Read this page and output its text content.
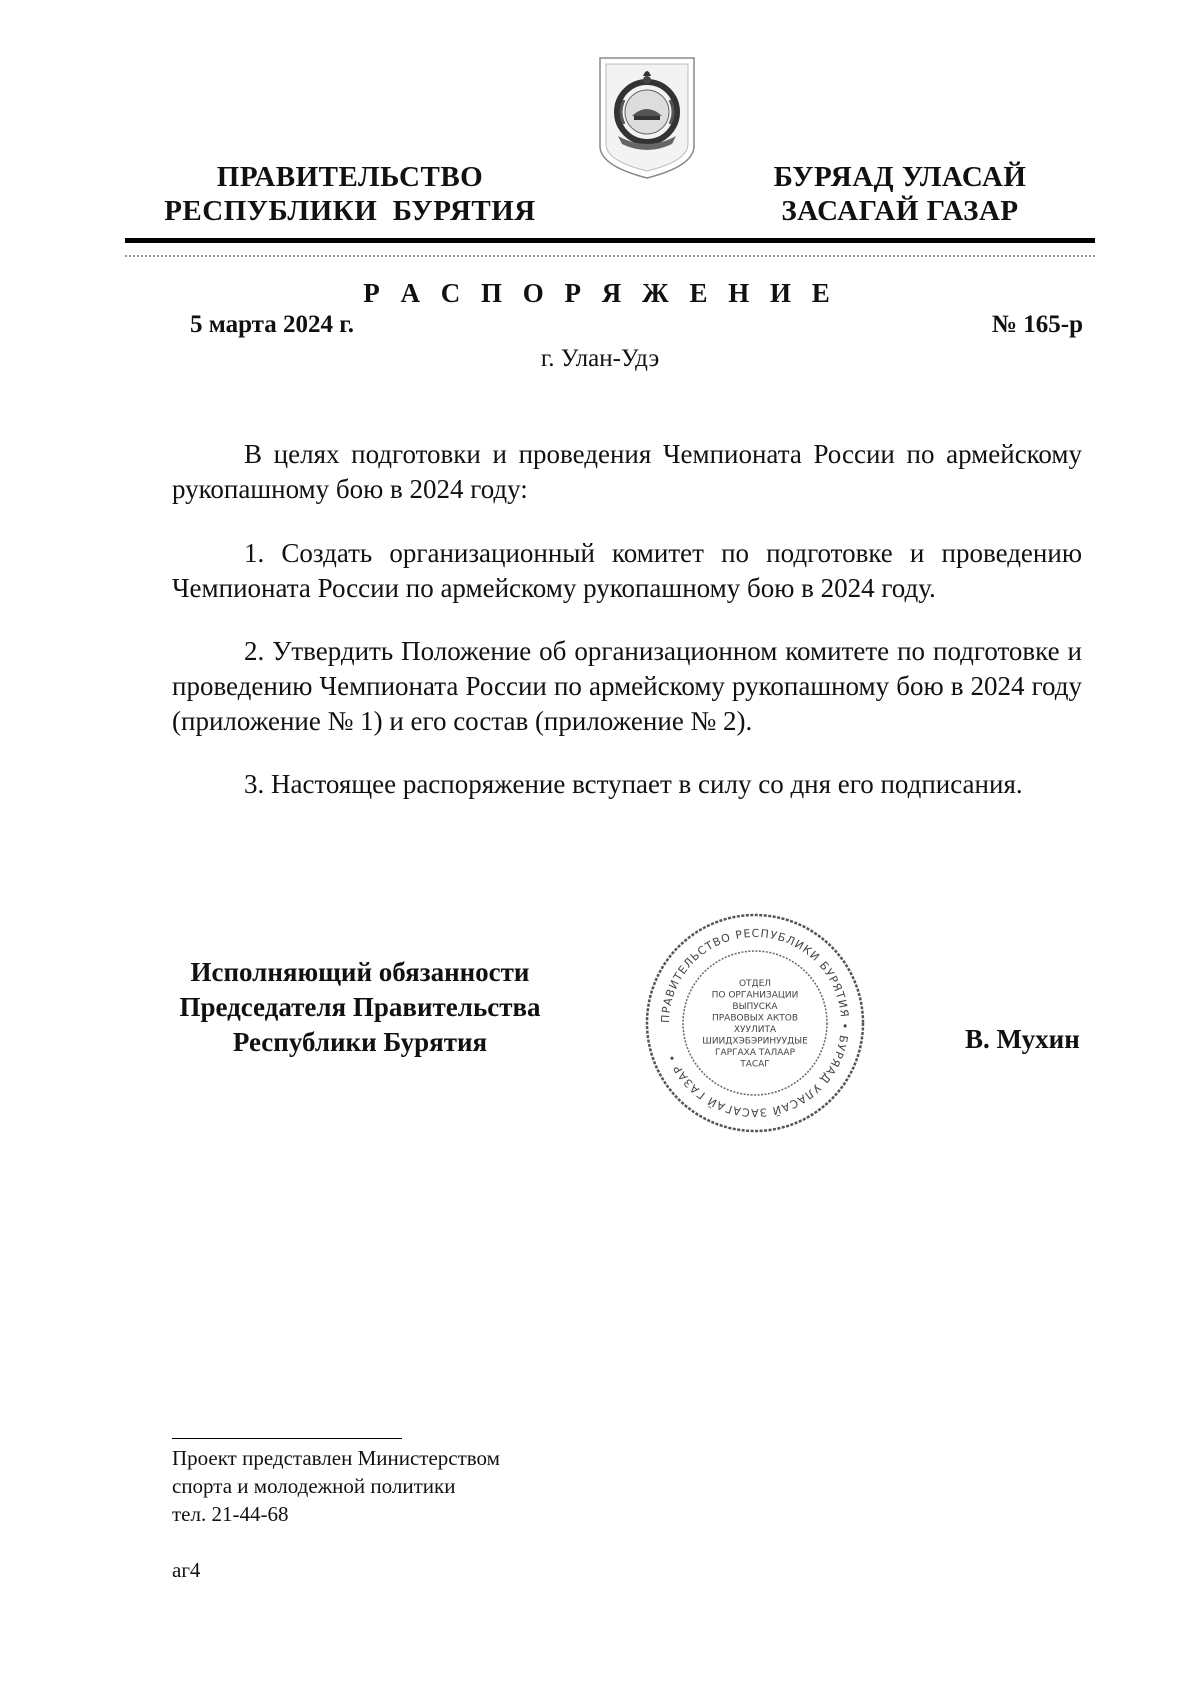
ПРАВИТЕЛЬСТВО
РЕСПУБЛИКИ  БУРЯТИЯ
БУРЯАД УЛАСАЙ
ЗАСАГАЙ ГАЗАР
Р А С П О Р Я Ж Е Н И Е
5 марта 2024 г.	№ 165-р
г. Улан-Удэ
В целях подготовки и проведения Чемпионата России по армейскому рукопашному бою в 2024 году:
1. Создать организационный комитет по подготовке и проведению Чемпионата России по армейскому рукопашному бою в 2024 году.
2. Утвердить Положение об организационном комитете по подготовке и проведению Чемпионата России по армейскому рукопашному бою в 2024 году (приложение № 1) и его состав (приложение № 2).
3. Настоящее распоряжение вступает в силу со дня его подписания.
Исполняющий обязанности
Председателя Правительства
Республики Бурятия	В. Мухин
ПРАВИТЕЛЬСТВО РЕСПУБЛИКИ БУРЯТИЯ • БУРЯАД УЛАСАЙ ЗАСАГАЙ ГАЗАР •
ОТДЕЛ
ПО ОРГАНИЗАЦИИ
ВЫПУСКА
ПРАВОВЫХ АКТОВ
ХУУЛИТА
ШИИДХЭБЭРИНУУДЫЕ
ГАРГАХА ТАЛААР
ТАСАГ
Проект представлен Министерством
спорта и молодежной политики
тел. 21-44-68
аг4
